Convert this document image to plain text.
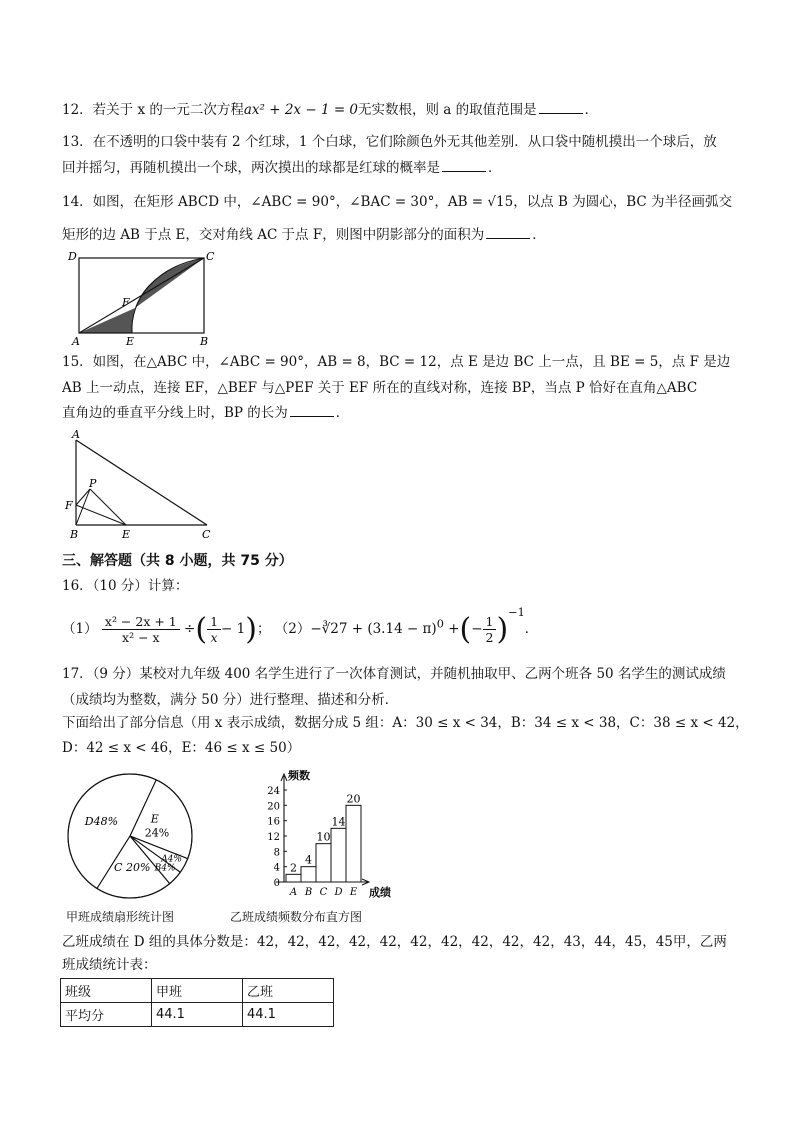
12．若关于 x 的一元二次方程ax² + 2x − 1 = 0无实数根，则 a 的取值范围是	．
13．在不透明的口袋中装有 2 个红球，1 个白球，它们除颜色外无其他差别．从口袋中随机摸出一个球后，放
回并摇匀，再随机摸出一个球，两次摸出的球都是红球的概率是	．
14．如图，在矩形 ABCD 中，∠ABC = 90°，∠BAC = 30°，AB = √15，以点 B 为圆心，BC 为半径画弧交
矩形的边 AB 于点 E，交对角线 AC 于点 F，则图中阴影部分的面积为	．
D	C
F
A	E	B
15．如图，在△ABC 中，∠ABC = 90°，AB = 8，BC = 12，点 E 是边 BC 上一点，且 BE = 5，点 F 是边
AB 上一动点，连接 EF，△BEF 与△PEF 关于 EF 所在的直线对称，连接 BP，当点 P 恰好在直角△ABC
直角边的垂直平分线上时，BP 的长为	．
A
P
F
B	E	C
三、解答题（共 8 小题，共 75 分）
16．（10 分）计算：
$(1) \frac{\text{x² − 2x + 1}}{\text{x² − x}}$ ÷( $\frac{1}{x} - 1$)； （2）−∛27 + $(3.14 - \pi)^0$ +(− $\frac{1}{2} )^{-1}$．
17．（9 分）某校对九年级 400 名学生进行了一次体育测试，并随机抽取甲、乙两个班各 50 名学生的测试成绩
（成绩均为整数，满分 50 分）进行整理、描述和分析．
下面给出了部分信息（用 x 表示成绩，数据分成 5 组：A：30 ≤ x < 34，B：34 ≤ x < 38，C：38 ≤ x < 42，
D：42 ≤ x < 46，E：46 ≤ x ≤ 50）
D48%
C 20% B4%
A4%
E
24%
甲班成绩扇形统计图
频数
成绩
0
4
8
12
16
20
24
2
A
4
B
10
C
14
D
20
E
乙班成绩频数分布直方图
乙班成绩在 D 组的具体分数是：42，42，42，42，42，42，42，42，42，42，43，44，45，45甲，乙两
班成绩统计表：
班级	甲班	乙班
平均分	44.1	44.1
